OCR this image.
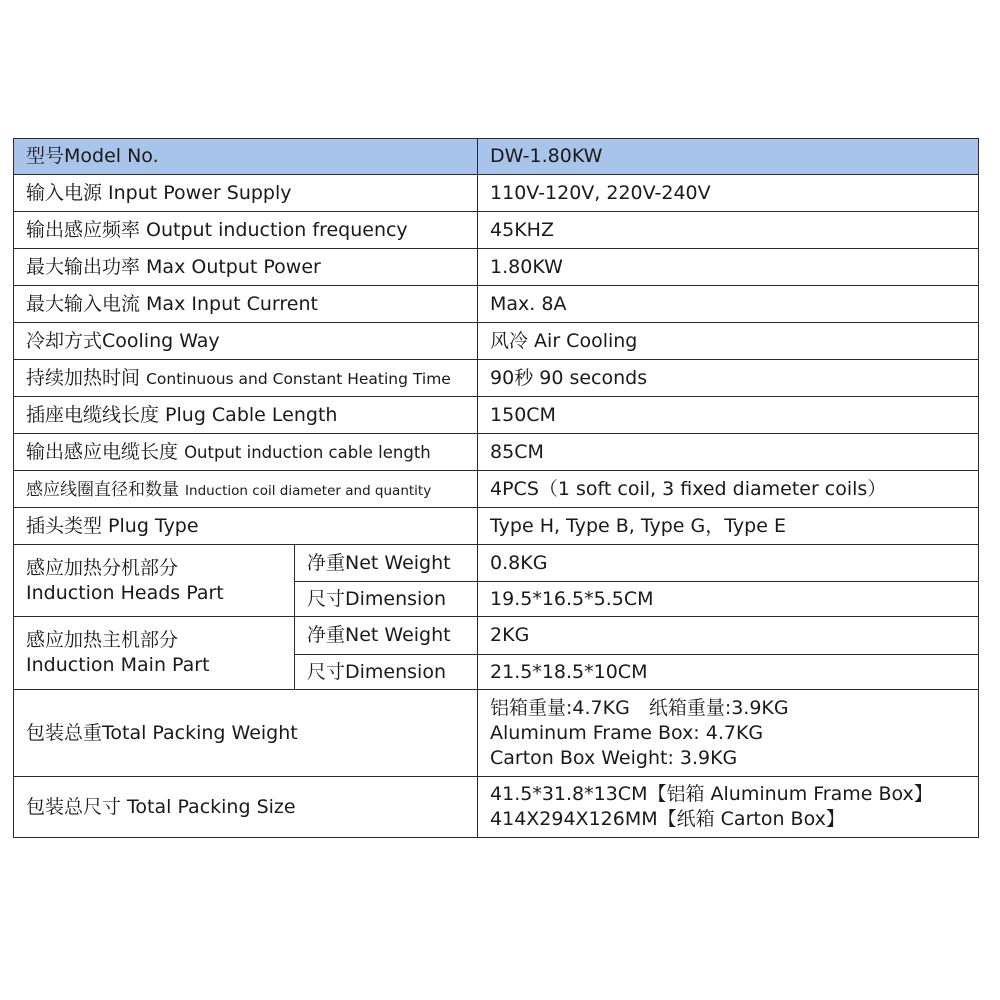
型号Model No.		DW-1.80KW
输入电源 Input Power Supply		110V-120V, 220V-240V
输出感应频率 Output induction frequency		45KHZ
最大输出功率 Max Output Power		1.80KW
最大输入电流 Max Input Current		Max. 8A
冷却方式Cooling Way		风冷 Air Cooling
持续加热时间 Continuous and Constant Heating Time		90秒 90 seconds
插座电缆线长度 Plug Cable Length		150CM
输出感应电缆长度 Output induction cable length		85CM
感应线圈直径和数量 Induction coil diameter and quantity		4PCS（1 soft coil, 3 fixed diameter coils）
插头类型 Plug Type		Type H, Type B, Type G，Type E

感应加热分机部分
Induction Heads Part	净重Net Weight	0.8KG
	尺寸Dimension	19.5*16.5*5.5CM

感应加热主机部分
Induction Main Part	净重Net Weight	2KG
	尺寸Dimension	21.5*18.5*10CM
包装总重Total Packing Weight		铝箱重量:4.7KG　纸箱重量:3.9KG
Aluminum Frame Box: 4.7KG
Carton Box Weight: 3.9KG

包装总尺寸 Total Packing Size		41.5*31.8*13CM【铝箱 Aluminum Frame Box】
414X294X126MM【纸箱 Carton Box】
